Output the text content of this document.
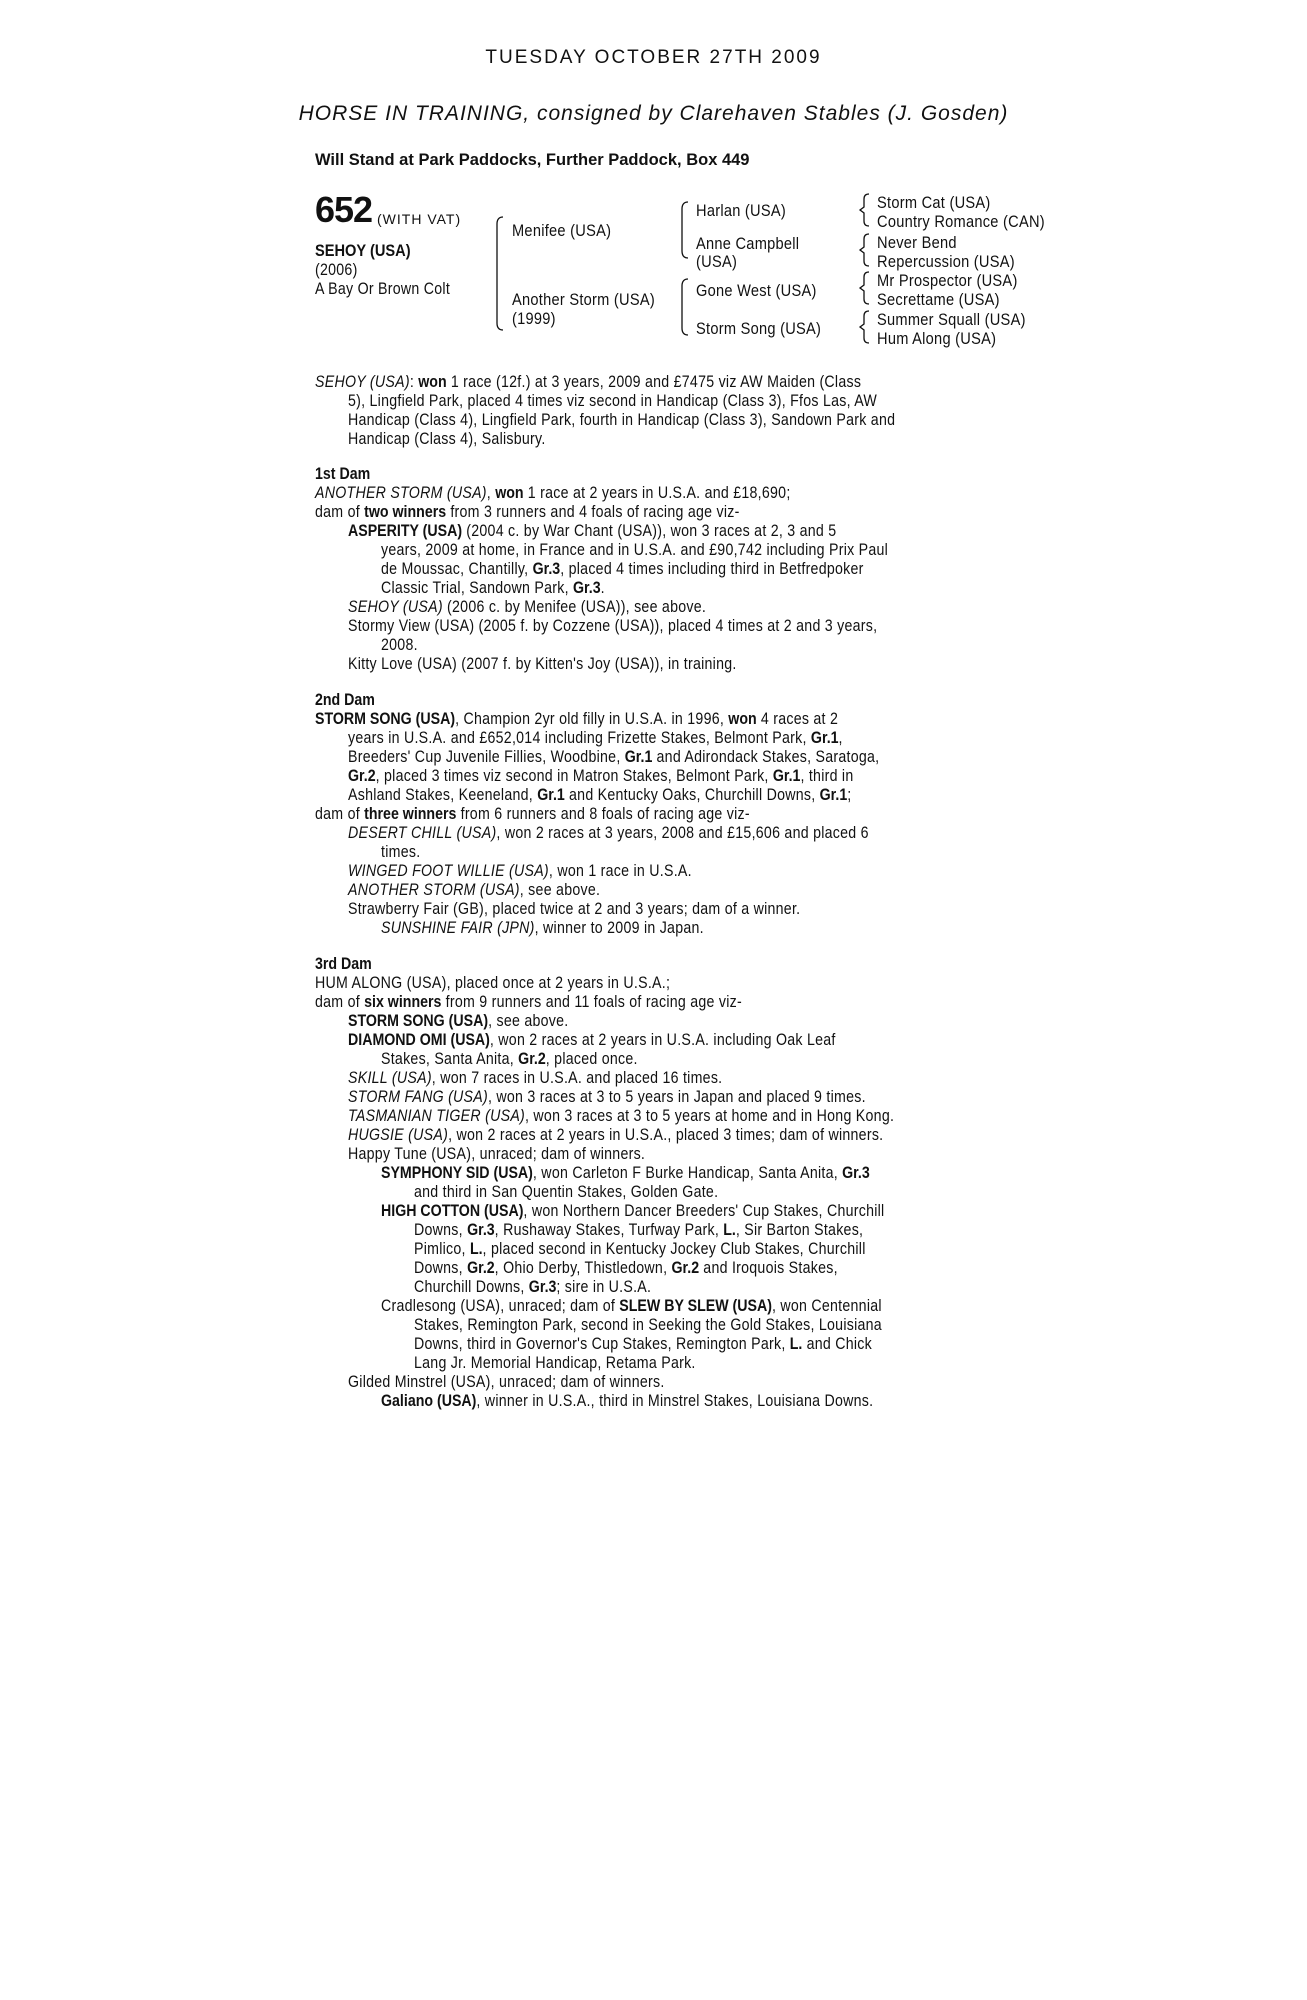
TUESDAY OCTOBER 27TH 2009
HORSE IN TRAINING, consigned by Clarehaven Stables (J. Gosden)
Will Stand at Park Paddocks, Further Paddock, Box 449
652 (WITH VAT)
SEHOY (USA)
(2006)
A Bay Or Brown Colt
Menifee (USA)
Another Storm (USA)
(1999)
Harlan (USA)
Anne Campbell
(USA)
Gone West (USA)
Storm Song (USA)
Storm Cat (USA)
Country Romance (CAN)
Never Bend
Repercussion (USA)
Mr Prospector (USA)
Secrettame (USA)
Summer Squall (USA)
Hum Along (USA)
SEHOY (USA): won 1 race (12f.) at 3 years, 2009 and £7475 viz AW Maiden (Class
5), Lingfield Park, placed 4 times viz second in Handicap (Class 3), Ffos Las, AW
Handicap (Class 4), Lingfield Park, fourth in Handicap (Class 3), Sandown Park and
Handicap (Class 4), Salisbury.
1st Dam
ANOTHER STORM (USA), won 1 race at 2 years in U.S.A. and £18,690;
dam of two winners from 3 runners and 4 foals of racing age viz-
ASPERITY (USA) (2004 c. by War Chant (USA)), won 3 races at 2, 3 and 5
years, 2009 at home, in France and in U.S.A. and £90,742 including Prix Paul
de Moussac, Chantilly, Gr.3, placed 4 times including third in Betfredpoker
Classic Trial, Sandown Park, Gr.3.
SEHOY (USA) (2006 c. by Menifee (USA)), see above.
Stormy View (USA) (2005 f. by Cozzene (USA)), placed 4 times at 2 and 3 years,
2008.
Kitty Love (USA) (2007 f. by Kitten's Joy (USA)), in training.
2nd Dam
STORM SONG (USA), Champion 2yr old filly in U.S.A. in 1996, won 4 races at 2
years in U.S.A. and £652,014 including Frizette Stakes, Belmont Park, Gr.1,
Breeders' Cup Juvenile Fillies, Woodbine, Gr.1 and Adirondack Stakes, Saratoga,
Gr.2, placed 3 times viz second in Matron Stakes, Belmont Park, Gr.1, third in
Ashland Stakes, Keeneland, Gr.1 and Kentucky Oaks, Churchill Downs, Gr.1;
dam of three winners from 6 runners and 8 foals of racing age viz-
DESERT CHILL (USA), won 2 races at 3 years, 2008 and £15,606 and placed 6
times.
WINGED FOOT WILLIE (USA), won 1 race in U.S.A.
ANOTHER STORM (USA), see above.
Strawberry Fair (GB), placed twice at 2 and 3 years; dam of a winner.
SUNSHINE FAIR (JPN), winner to 2009 in Japan.
3rd Dam
HUM ALONG (USA), placed once at 2 years in U.S.A.;
dam of six winners from 9 runners and 11 foals of racing age viz-
STORM SONG (USA), see above.
DIAMOND OMI (USA), won 2 races at 2 years in U.S.A. including Oak Leaf
Stakes, Santa Anita, Gr.2, placed once.
SKILL (USA), won 7 races in U.S.A. and placed 16 times.
STORM FANG (USA), won 3 races at 3 to 5 years in Japan and placed 9 times.
TASMANIAN TIGER (USA), won 3 races at 3 to 5 years at home and in Hong Kong.
HUGSIE (USA), won 2 races at 2 years in U.S.A., placed 3 times; dam of winners.
Happy Tune (USA), unraced; dam of winners.
SYMPHONY SID (USA), won Carleton F Burke Handicap, Santa Anita, Gr.3
and third in San Quentin Stakes, Golden Gate.
HIGH COTTON (USA), won Northern Dancer Breeders' Cup Stakes, Churchill
Downs, Gr.3, Rushaway Stakes, Turfway Park, L., Sir Barton Stakes,
Pimlico, L., placed second in Kentucky Jockey Club Stakes, Churchill
Downs, Gr.2, Ohio Derby, Thistledown, Gr.2 and Iroquois Stakes,
Churchill Downs, Gr.3; sire in U.S.A.
Cradlesong (USA), unraced; dam of SLEW BY SLEW (USA), won Centennial
Stakes, Remington Park, second in Seeking the Gold Stakes, Louisiana
Downs, third in Governor's Cup Stakes, Remington Park, L. and Chick
Lang Jr. Memorial Handicap, Retama Park.
Gilded Minstrel (USA), unraced; dam of winners.
Galiano (USA), winner in U.S.A., third in Minstrel Stakes, Louisiana Downs.
